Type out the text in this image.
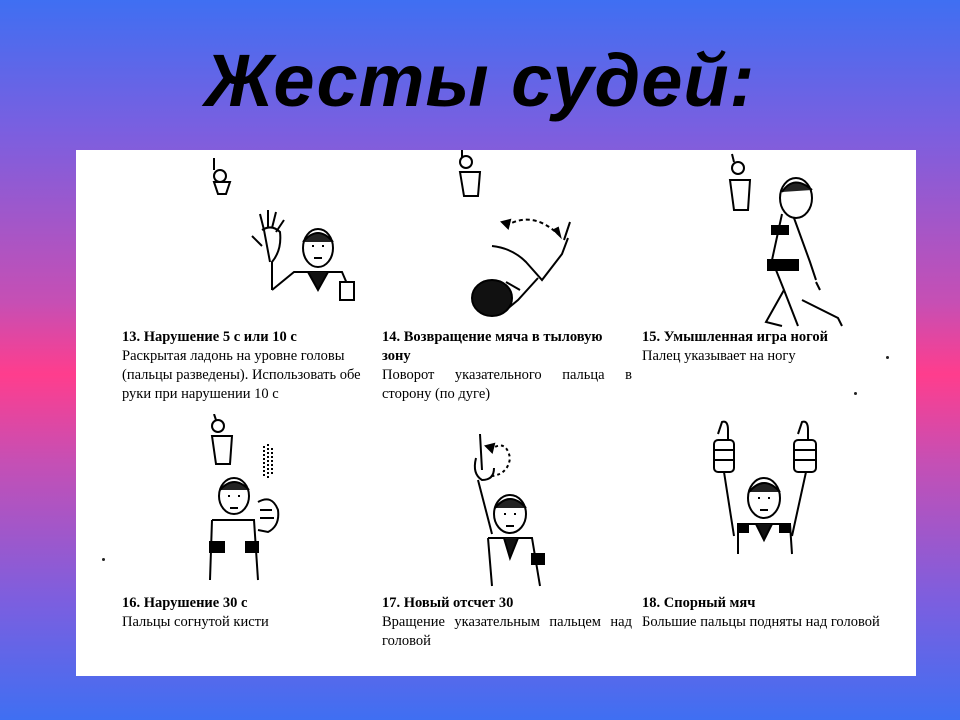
Жесты судей:
13. Нарушение 5 с или 10 с
Раскрытая ладонь на уровне головы (пальцы разведены). Использовать обе руки при нарушении 10 с
14. Возвращение мяча в тыловую зону
Поворот указательного пальца в сторону (по дуге)
15. Умышленная игра ногой
Палец указывает на ногу
16. Нарушение 30 с
Пальцы согнутой кисти
17. Новый отсчет 30
Вращение указательным пальцем над головой
18. Спорный мяч
Большие пальцы подняты над головой
